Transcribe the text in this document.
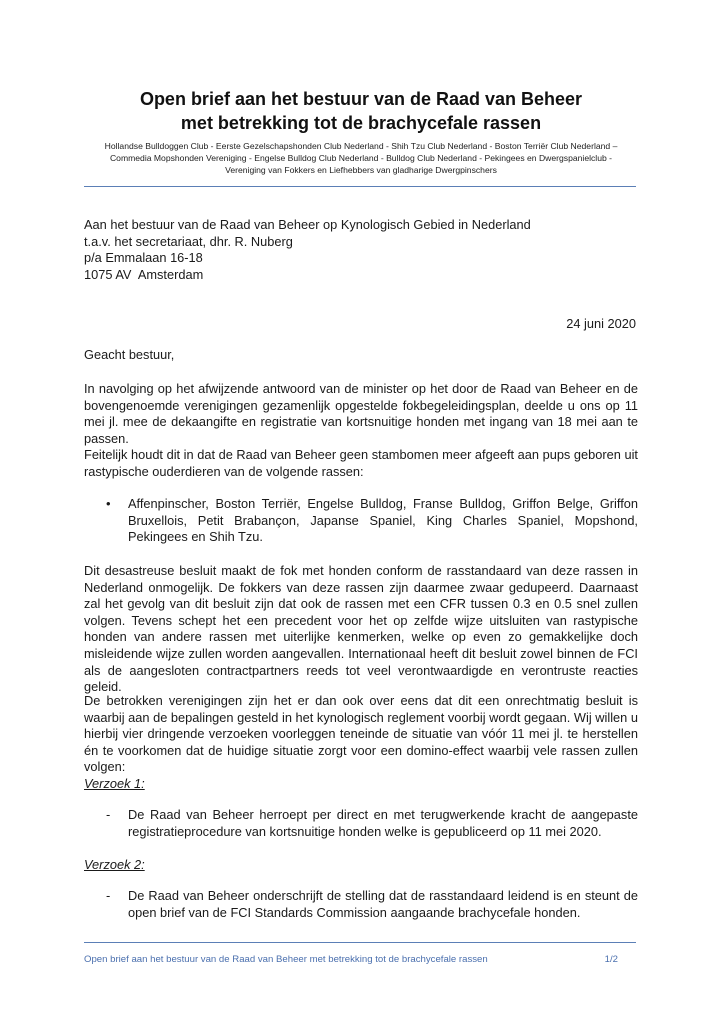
Open brief aan het bestuur van de Raad van Beheer
met betrekking tot de brachycefale rassen
Hollandse Bulldoggen Club - Eerste Gezelschapshonden Club Nederland - Shih Tzu Club Nederland - Boston Terriër Club Nederland –
Commedia Mopshonden Vereniging - Engelse Bulldog Club Nederland - Bulldog Club Nederland - Pekingees en Dwergspanielclub -
Vereniging van Fokkers en Liefhebbers van gladharige Dwergpinschers
Aan het bestuur van de Raad van Beheer op Kynologisch Gebied in Nederland
t.a.v. het secretariaat, dhr. R. Nuberg
p/a Emmalaan 16-18
1075 AV  Amsterdam
24 juni 2020
Geacht bestuur,
In navolging op het afwijzende antwoord van de minister op het door de Raad van Beheer en de bovengenoemde verenigingen gezamenlijk opgestelde fokbegeleidingsplan, deelde u ons op 11 mei jl. mee de dekaangifte en registratie van kortsnuitige honden met ingang van 18 mei aan te passen.
Feitelijk houdt dit in dat de Raad van Beheer geen stambomen meer afgeeft aan pups geboren uit rastypische ouderdieren van de volgende rassen:
• Affenpinscher, Boston Terriër, Engelse Bulldog, Franse Bulldog, Griffon Belge, Griffon Bruxellois, Petit Brabançon, Japanse Spaniel, King Charles Spaniel, Mopshond, Pekingees en Shih Tzu.
Dit desastreuse besluit maakt de fok met honden conform de rasstandaard van deze rassen in Nederland onmogelijk. De fokkers van deze rassen zijn daarmee zwaar gedupeerd. Daarnaast zal het gevolg van dit besluit zijn dat ook de rassen met een CFR tussen 0.3 en 0.5 snel zullen volgen. Tevens schept het een precedent voor het op zelfde wijze uitsluiten van rastypische honden van andere rassen met uiterlijke kenmerken, welke op even zo gemakkelijke doch misleidende wijze zullen worden aangevallen. Internationaal heeft dit besluit zowel binnen de FCI als de aangesloten contractpartners reeds tot veel verontwaardigde en verontruste reacties geleid.
De betrokken verenigingen zijn het er dan ook over eens dat dit een onrechtmatig besluit is waarbij aan de bepalingen gesteld in het kynologisch reglement voorbij wordt gegaan. Wij willen u hierbij vier dringende verzoeken voorleggen teneinde de situatie van vóór 11 mei jl. te herstellen én te voorkomen dat de huidige situatie zorgt voor een domino-effect waarbij vele rassen zullen volgen:
Verzoek 1:
- De Raad van Beheer herroept per direct en met terugwerkende kracht de aangepaste registratieprocedure van kortsnuitige honden welke is gepubliceerd op 11 mei 2020.
Verzoek 2:
- De Raad van Beheer onderschrijft de stelling dat de rasstandaard leidend is en steunt de open brief van de FCI Standards Commission aangaande brachycefale honden.
Open brief aan het bestuur van de Raad van Beheer met betrekking tot de brachycefale rassen	1/2
